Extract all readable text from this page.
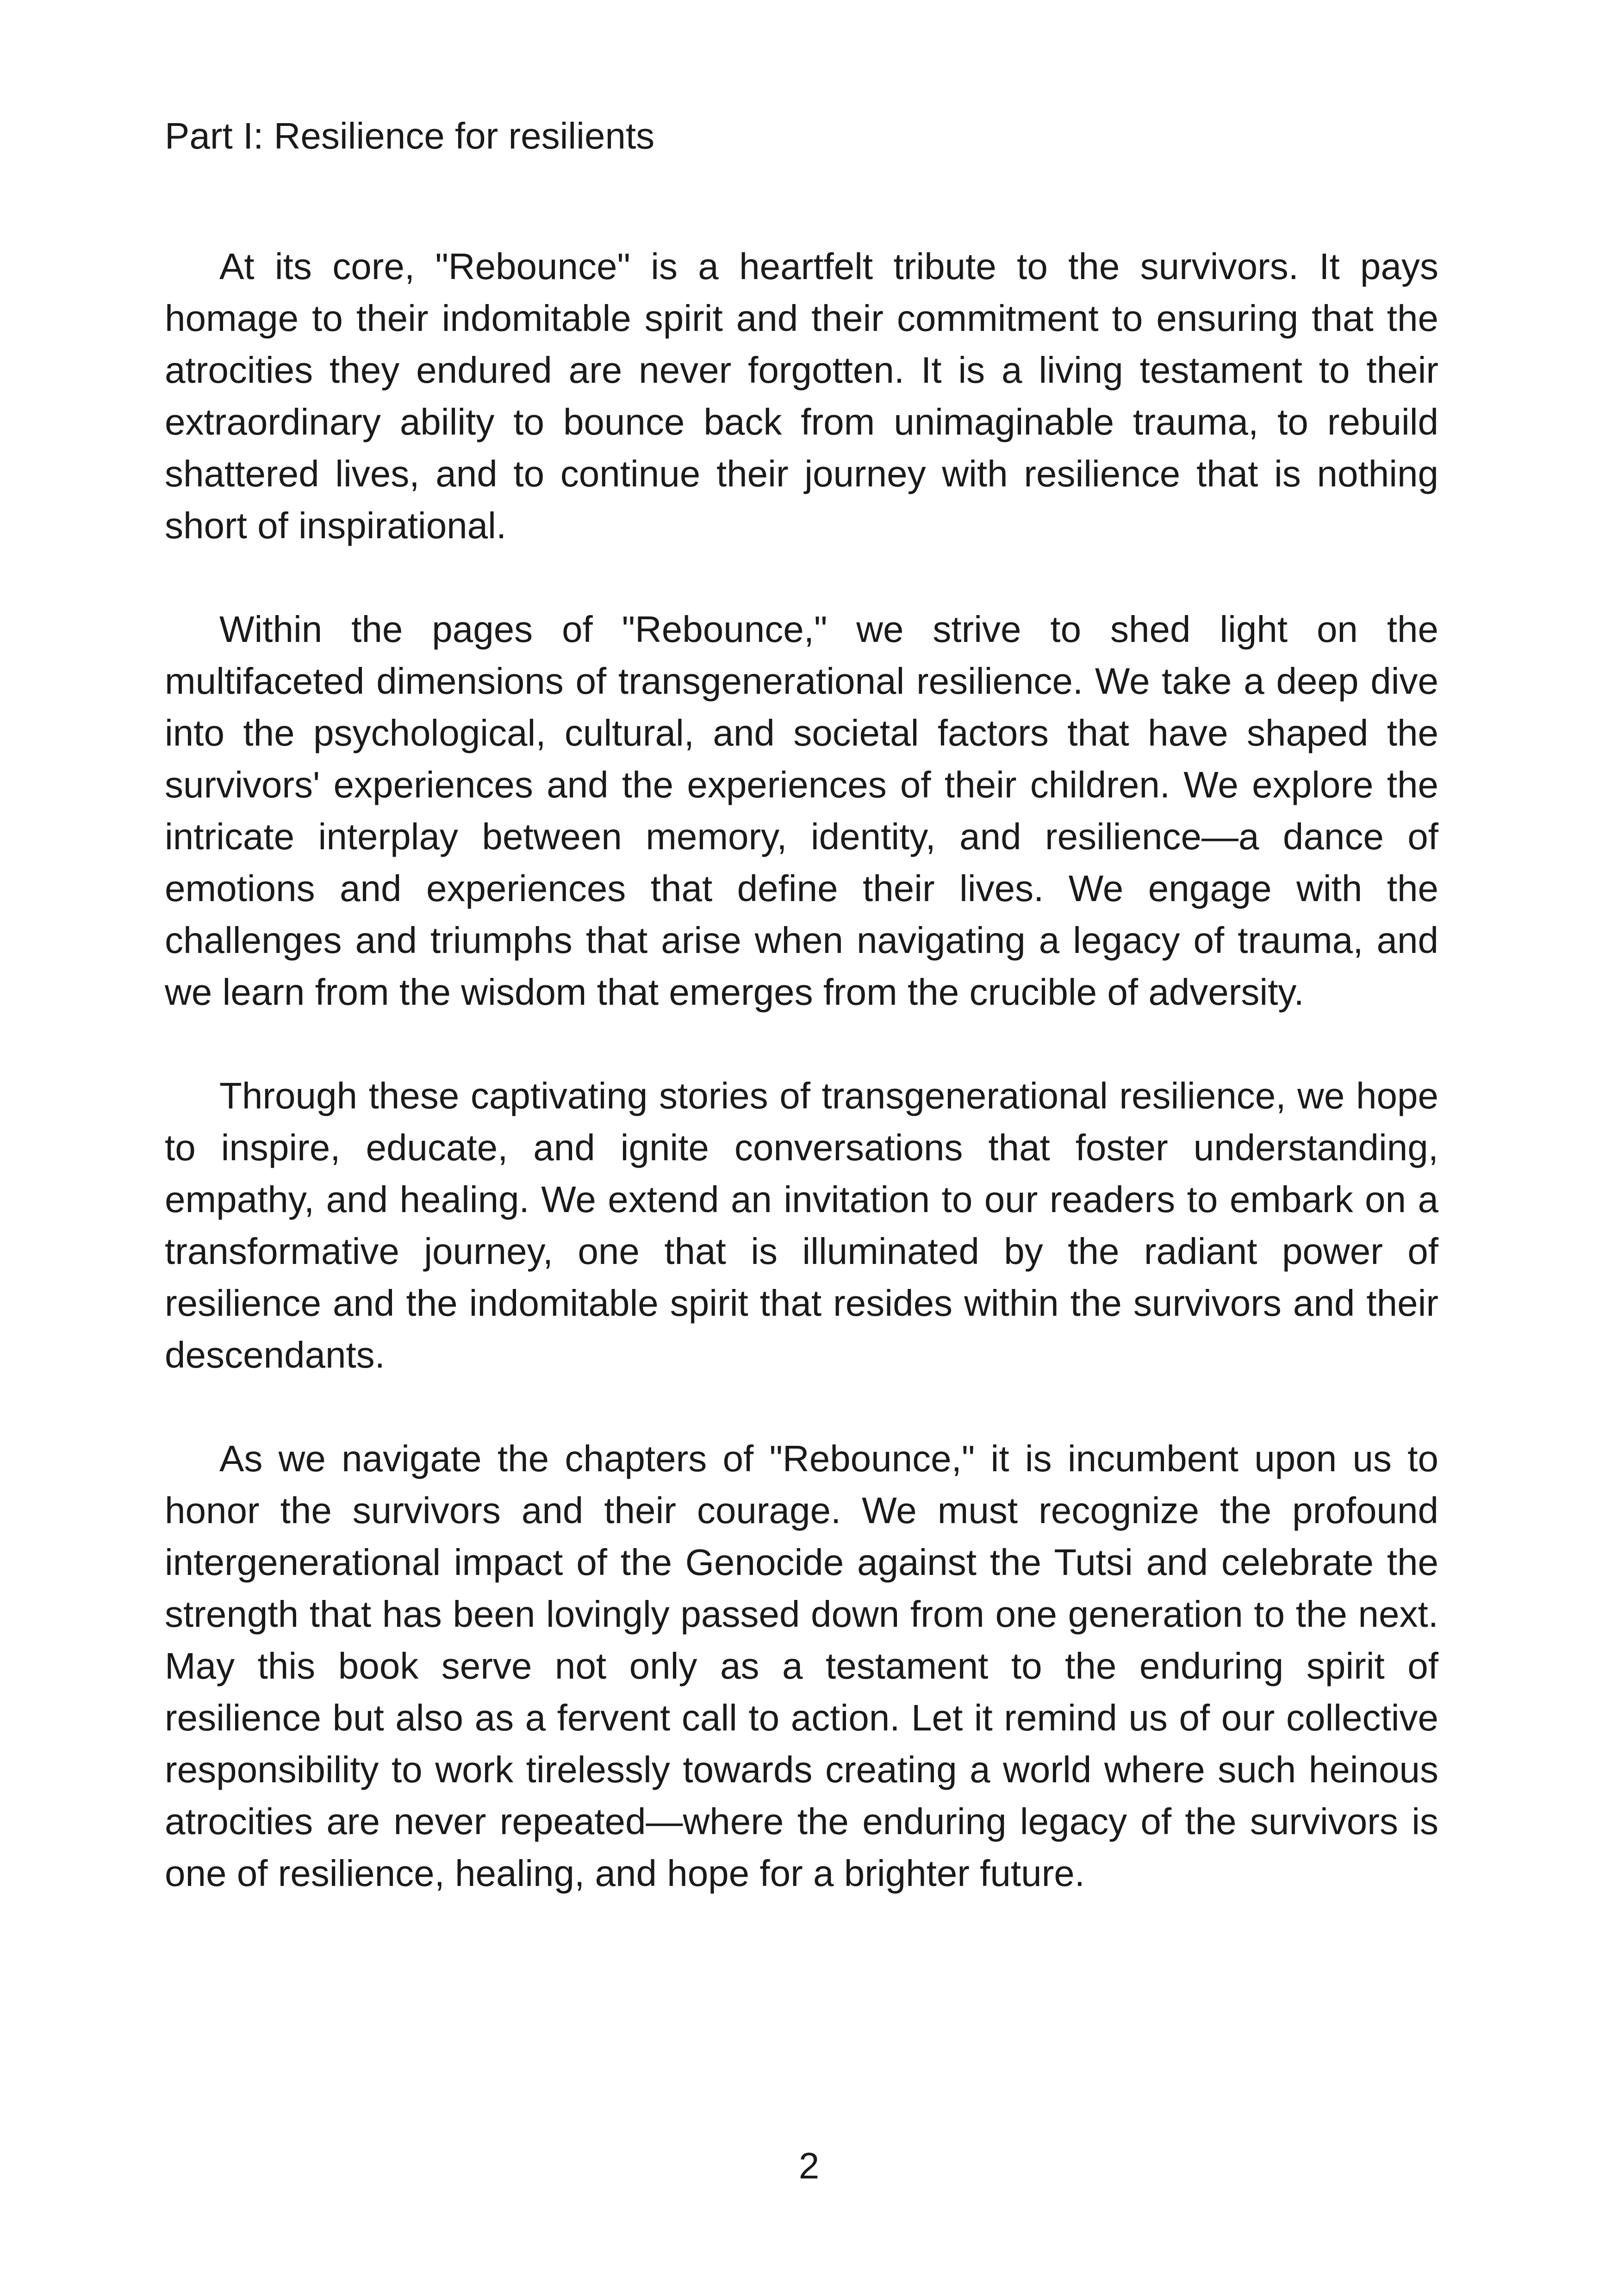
Part I: Resilience for resilients

At its core, "Rebounce" is a heartfelt tribute to the survivors. It pays homage to their indomitable spirit and their commitment to ensuring that the atrocities they endured are never forgotten. It is a living testament to their extraordinary ability to bounce back from unimaginable trauma, to rebuild shattered lives, and to continue their journey with resilience that is nothing short of inspirational.

Within the pages of "Rebounce," we strive to shed light on the multifaceted dimensions of transgenerational resilience. We take a deep dive into the psychological, cultural, and societal factors that have shaped the survivors' experiences and the experiences of their children. We explore the intricate interplay between memory, identity, and resilience—a dance of emotions and experiences that define their lives. We engage with the challenges and triumphs that arise when navigating a legacy of trauma, and we learn from the wisdom that emerges from the crucible of adversity.

Through these captivating stories of transgenerational resilience, we hope to inspire, educate, and ignite conversations that foster understanding, empathy, and healing. We extend an invitation to our readers to embark on a transformative journey, one that is illuminated by the radiant power of resilience and the indomitable spirit that resides within the survivors and their descendants.

As we navigate the chapters of "Rebounce," it is incumbent upon us to honor the survivors and their courage. We must recognize the profound intergenerational impact of the Genocide against the Tutsi and celebrate the strength that has been lovingly passed down from one generation to the next. May this book serve not only as a testament to the enduring spirit of resilience but also as a fervent call to action. Let it remind us of our collective responsibility to work tirelessly towards creating a world where such heinous atrocities are never repeated—where the enduring legacy of the survivors is one of resilience, healing, and hope for a brighter future.

2
